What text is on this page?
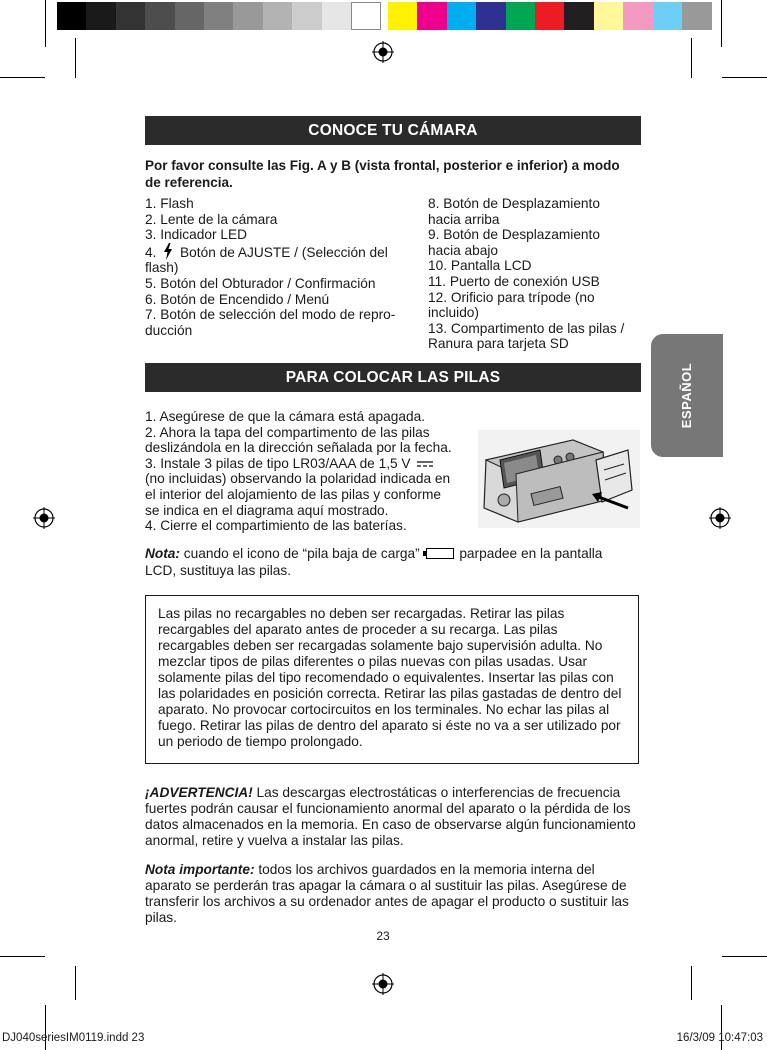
CONOCE TU CÁMARA
Por favor consulte las Fig. A y B (vista frontal, posterior e inferior) a modo de referencia.
1. Flash
2. Lente de la cámara
3. Indicador LED
4. Botón de AJUSTE / (Selección del
flash)
5. Botón del Obturador / Confirmación
6. Botón de Encendido / Menú
7. Botón de selección del modo de repro-
ducción
8. Botón de Desplazamiento
hacia arriba
9. Botón de Desplazamiento
hacia abajo
10. Pantalla LCD
11. Puerto de conexión USB
12. Orificio para trípode (no
incluido)
13. Compartimento de las pilas /
Ranura para tarjeta SD
ESPAÑOL
PARA COLOCAR LAS PILAS
1. Asegúrese de que la cámara está apagada.
2. Ahora la tapa del compartimento de las pilas
deslizándola en la dirección señalada por la fecha.
3. Instale 3 pilas de tipo LR03/AAA de 1,5 V
(no incluidas) observando la polaridad indicada en
el interior del alojamiento de las pilas y conforme
se indica en el diagrama aquí mostrado.
4. Cierre el compartimiento de las baterías.
Nota: cuando el icono de “pila baja de carga”	parpadee en la pantalla
LCD, sustituya las pilas.
Las pilas no recargables no deben ser recargadas. Retirar las pilas recargables del aparato antes de proceder a su recarga. Las pilas recargables deben ser recargadas solamente bajo supervisión adulta. No mezclar tipos de pilas diferentes o pilas nuevas con pilas usadas. Usar solamente pilas del tipo recomendado o equivalentes. Insertar las pilas con las polaridades en posición correcta. Retirar las pilas gastadas de dentro del aparato. No provocar cortocircuitos en los terminales. No echar las pilas al fuego. Retirar las pilas de dentro del aparato si éste no va a ser utilizado por un periodo de tiempo prolongado.
¡ADVERTENCIA! Las descargas electrostáticas o interferencias de frecuencia fuertes podrán causar el funcionamiento anormal del aparato o la pérdida de los datos almacenados en la memoria. En caso de observarse algún funcionamiento anormal, retire y vuelva a instalar las pilas.
Nota importante: todos los archivos guardados en la memoria interna del aparato se perderán tras apagar la cámara o al sustituir las pilas. Asegúrese de transferir los archivos a su ordenador antes de apagar el producto o sustituir las pilas.
23
DJ040seriesIM0119.indd 23	16/3/09 10:47:03
